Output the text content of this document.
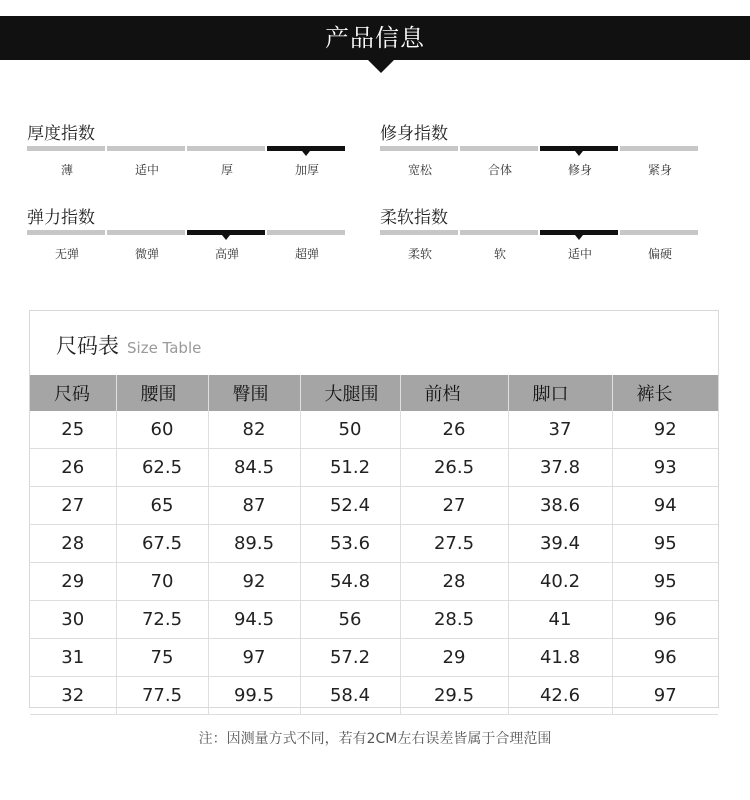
产品信息
厚度指数
薄	适中	厚	加厚
修身指数
宽松	合体	修身	紧身
弹力指数
无弹	微弹	高弹	超弹
柔软指数
柔软	软	适中	偏硬
尺码表 Size Table
尺码	腰围	臀围	大腿围	前档	脚口	裤长
25	60	82	50	26	37	92
26	62.5	84.5	51.2	26.5	37.8	93
27	65	87	52.4	27	38.6	94
28	67.5	89.5	53.6	27.5	39.4	95
29	70	92	54.8	28	40.2	95
30	72.5	94.5	56	28.5	41	96
31	75	97	57.2	29	41.8	96
32	77.5	99.5	58.4	29.5	42.6	97
注：因测量方式不同，若有2CM左右误差皆属于合理范围
